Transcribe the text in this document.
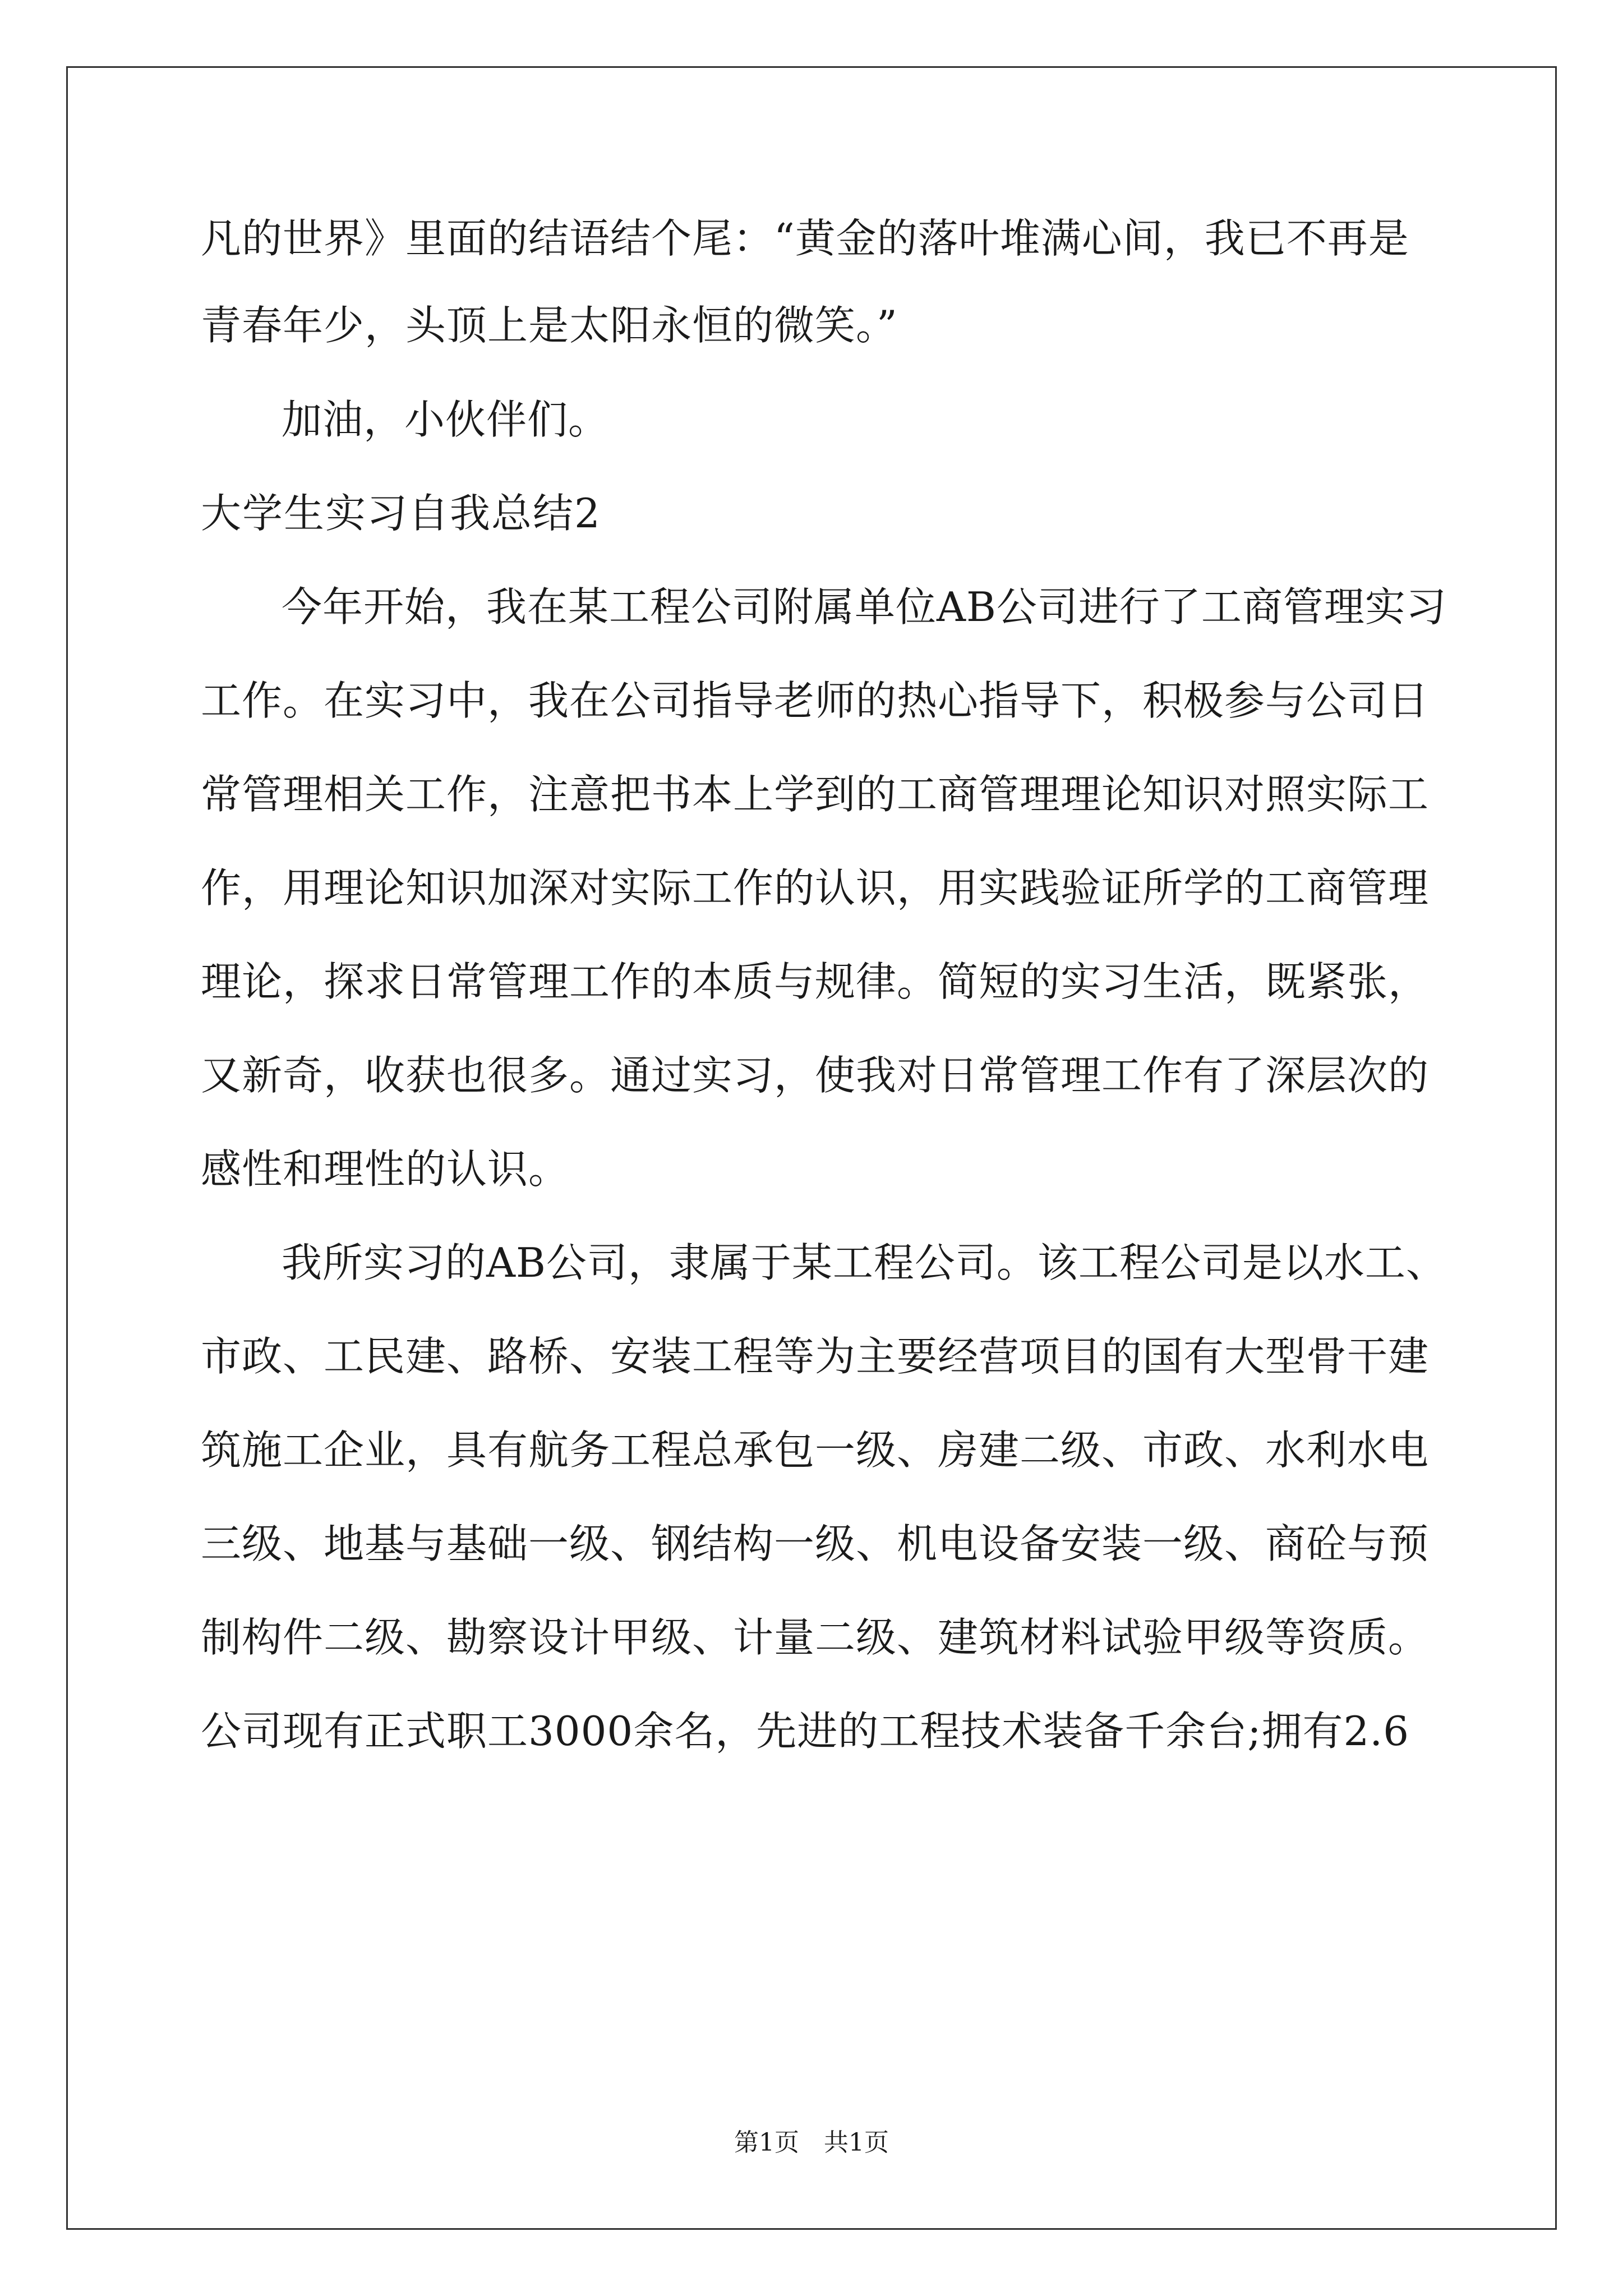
凡的世界》里面的结语结个尾：“黄金的落叶堆满心间，我已不再是

青春年少，头顶上是太阳永恒的微笑。”

加油，小伙伴们。

大学生实习自我总结2

今年开始，我在某工程公司附属单位AB公司进行了工商管理实习

工作。在实习中，我在公司指导老师的热心指导下，积极参与公司日

常管理相关工作，注意把书本上学到的工商管理理论知识对照实际工

作，用理论知识加深对实际工作的认识，用实践验证所学的工商管理

理论，探求日常管理工作的本质与规律。简短的实习生活，既紧张，

又新奇，收获也很多。通过实习，使我对日常管理工作有了深层次的

感性和理性的认识。

我所实习的AB公司，隶属于某工程公司。该工程公司是以水工、

市政、工民建、路桥、安装工程等为主要经营项目的国有大型骨干建

筑施工企业，具有航务工程总承包一级、房建二级、市政、水利水电

三级、地基与基础一级、钢结构一级、机电设备安装一级、商砼与预

制构件二级、勘察设计甲级、计量二级、建筑材料试验甲级等资质。

公司现有正式职工3000余名，先进的工程技术装备千余台;拥有2.6

第1页　共1页
